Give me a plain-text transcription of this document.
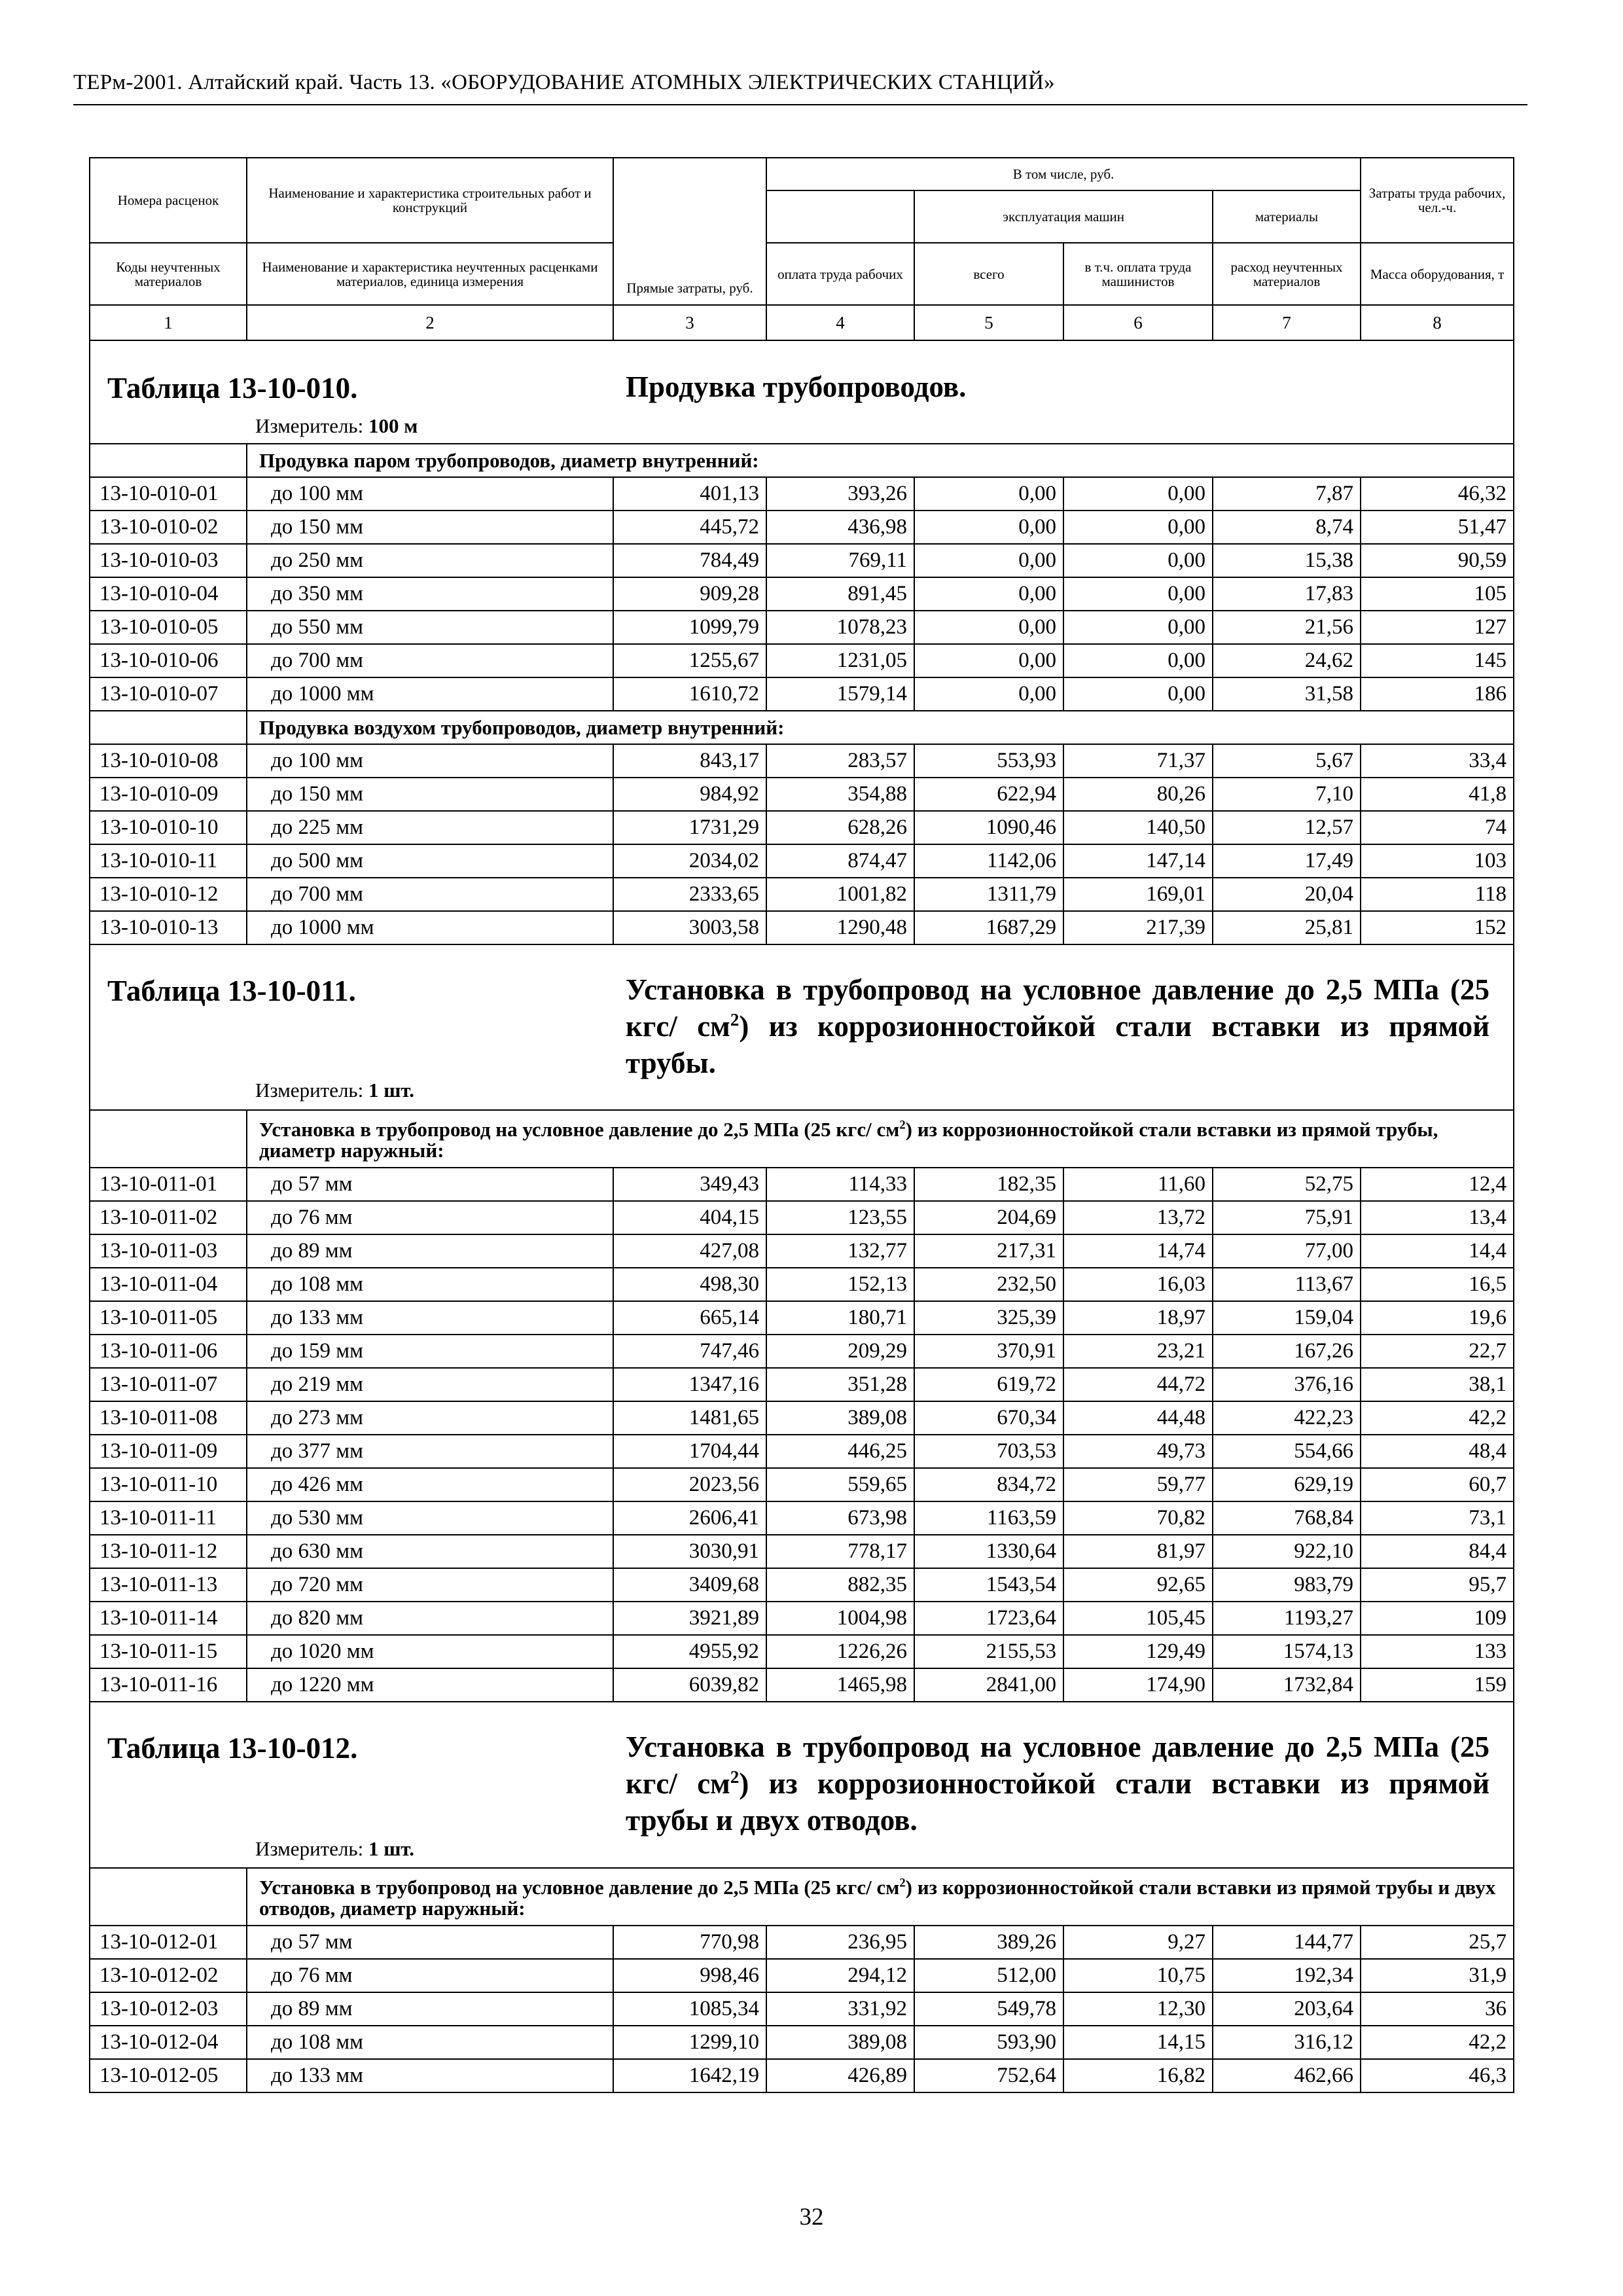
ТЕРм-2001. Алтайский край. Часть 13. «ОБОРУДОВАНИЕ АТОМНЫХ ЭЛЕКТРИЧЕСКИХ СТАНЦИЙ»
Номера расценок	Наименование и характеристика строительных работ и конструкций	Прямые затраты, руб.	В том числе, руб.				Затраты труда рабочих, чел.-ч.
				эксплуатация машин		материалы	
Коды неучтенных материалов	Наименование и характеристика неучтенных расценками материалов, единица измерения		оплата труда рабочих	всего	в т.ч. оплата труда машинистов	расход неучтенных материалов	Масса оборудования, т
1	2	3	4	5	6	7	8

Таблица 13-10-010. Продувка трубопроводов.
Измеритель: 100 м							

	Продувка паром трубопроводов, диаметр внутренний:						
13-10-010-01	до 100 мм	401,13	393,26	0,00	0,00	7,87	46,32
13-10-010-02	до 150 мм	445,72	436,98	0,00	0,00	8,74	51,47
13-10-010-03	до 250 мм	784,49	769,11	0,00	0,00	15,38	90,59
13-10-010-04	до 350 мм	909,28	891,45	0,00	0,00	17,83	105
13-10-010-05	до 550 мм	1099,79	1078,23	0,00	0,00	21,56	127
13-10-010-06	до 700 мм	1255,67	1231,05	0,00	0,00	24,62	145
13-10-010-07	до 1000 мм	1610,72	1579,14	0,00	0,00	31,58	186
	Продувка воздухом трубопроводов, диаметр внутренний:						
13-10-010-08	до 100 мм	843,17	283,57	553,93	71,37	5,67	33,4
13-10-010-09	до 150 мм	984,92	354,88	622,94	80,26	7,10	41,8
13-10-010-10	до 225 мм	1731,29	628,26	1090,46	140,50	12,57	74
13-10-010-11	до 500 мм	2034,02	874,47	1142,06	147,14	17,49	103
13-10-010-12	до 700 мм	2333,65	1001,82	1311,79	169,01	20,04	118
13-10-010-13	до 1000 мм	3003,58	1290,48	1687,29	217,39	25,81	152

Таблица 13-10-011. Установка в трубопровод на условное давление до 2,5 МПа (25 кгс/ $см^2$) из коррозионностойкой стали вставки из прямой трубы.
Измеритель: 1 шт.							

	Установка в трубопровод на условное давление до 2,5 МПа (25 кгс/ $см^2$) из коррозионностойкой стали вставки из прямой трубы, диаметр наружный:						
13-10-011-01	до 57 мм	349,43	114,33	182,35	11,60	52,75	12,4
13-10-011-02	до 76 мм	404,15	123,55	204,69	13,72	75,91	13,4
13-10-011-03	до 89 мм	427,08	132,77	217,31	14,74	77,00	14,4
13-10-011-04	до 108 мм	498,30	152,13	232,50	16,03	113,67	16,5
13-10-011-05	до 133 мм	665,14	180,71	325,39	18,97	159,04	19,6
13-10-011-06	до 159 мм	747,46	209,29	370,91	23,21	167,26	22,7
13-10-011-07	до 219 мм	1347,16	351,28	619,72	44,72	376,16	38,1
13-10-011-08	до 273 мм	1481,65	389,08	670,34	44,48	422,23	42,2
13-10-011-09	до 377 мм	1704,44	446,25	703,53	49,73	554,66	48,4
13-10-011-10	до 426 мм	2023,56	559,65	834,72	59,77	629,19	60,7
13-10-011-11	до 530 мм	2606,41	673,98	1163,59	70,82	768,84	73,1
13-10-011-12	до 630 мм	3030,91	778,17	1330,64	81,97	922,10	84,4
13-10-011-13	до 720 мм	3409,68	882,35	1543,54	92,65	983,79	95,7
13-10-011-14	до 820 мм	3921,89	1004,98	1723,64	105,45	1193,27	109
13-10-011-15	до 1020 мм	4955,92	1226,26	2155,53	129,49	1574,13	133
13-10-011-16	до 1220 мм	6039,82	1465,98	2841,00	174,90	1732,84	159

Таблица 13-10-012. Установка в трубопровод на условное давление до 2,5 МПа (25 кгс/ $см^2$) из коррозионностойкой стали вставки из прямой трубы и двух отводов.
Измеритель: 1 шт.							

	Установка в трубопровод на условное давление до 2,5 МПа (25 кгс/ $см^2$) из коррозионностойкой стали вставки из прямой трубы и двух отводов, диаметр наружный:						
13-10-012-01	до 57 мм	770,98	236,95	389,26	9,27	144,77	25,7
13-10-012-02	до 76 мм	998,46	294,12	512,00	10,75	192,34	31,9
13-10-012-03	до 89 мм	1085,34	331,92	549,78	12,30	203,64	36
13-10-012-04	до 108 мм	1299,10	389,08	593,90	14,15	316,12	42,2
13-10-012-05	до 133 мм	1642,19	426,89	752,64	16,82	462,66	46,3
32
